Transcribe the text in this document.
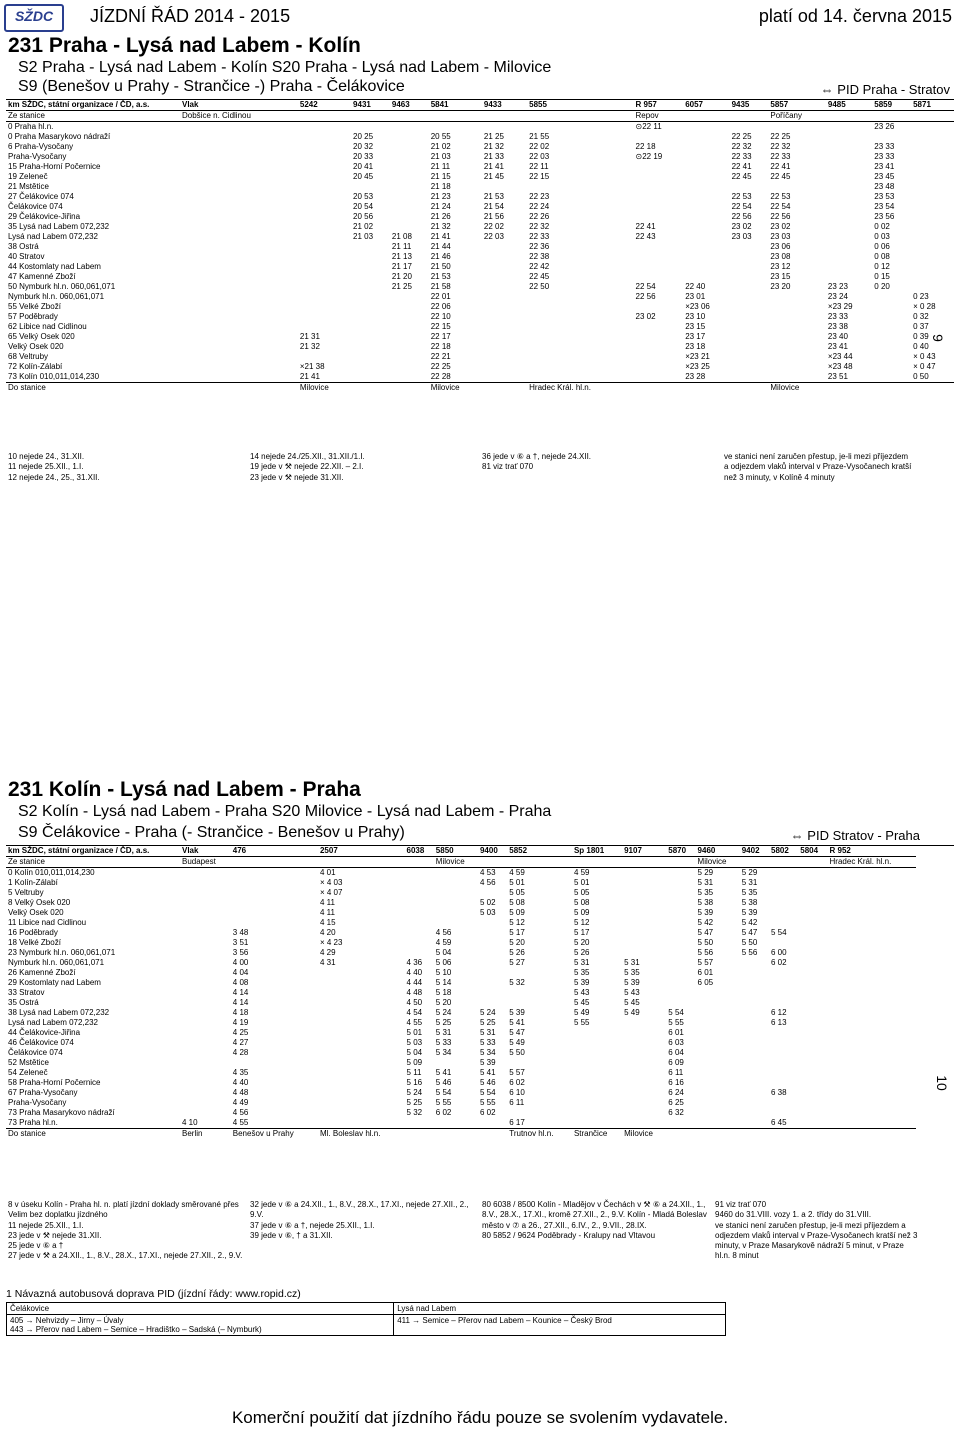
SŽDC	JÍZDNÍ ŘÁD 2014 - 2015	platí od 14. června 2015
231 Praha - Lysá nad Labem - Kolín
S2 Praha - Lysá nad Labem - Kolín S20 Praha - Lysá nad Labem - Milovice
S9 (Benešov u Prahy - Strančice -) Praha - Čelákovice	⇔ PID Praha - Stratov
km SŽDC, státní organizace / ČD, a.s.	Vlak	5242	9431	9463	5841	9433		5855	R 957	6057	9435	5857	9485	5859	5871
Ze stanice	Dobšice n. Cidlinou								Repov			Poříčany			
0 Praha hl.n.									⊙22 11					23 26	
0 Praha Masarykovo nádraží			20 25		20 55	21 25		21 55			22 25	22 25			
6 Praha-Vysočany			20 32		21 02	21 32		22 02	22 18		22 32	22 32		23 33	
Praha-Vysočany			20 33		21 03	21 33		22 03	⊙22 19		22 33	22 33		23 33	
15 Praha-Horní Počernice			20 41		21 11	21 41		22 11			22 41	22 41		23 41	
19 Zeleneč			20 45		21 15	21 45		22 15			22 45	22 45		23 45	
21 Mstětice					21 18									23 48	
27 Čelákovice 074			20 53		21 23	21 53		22 23			22 53	22 53		23 53	
Čelákovice 074			20 54		21 24	21 54		22 24			22 54	22 54		23 54	
29 Čelákovice-Jiřina			20 56		21 26	21 56		22 26			22 56	22 56		23 56	
35 Lysá nad Labem 072,232			21 02		21 32	22 02		22 32	22 41		23 02	23 02		0 02	
Lysá nad Labem 072,232			21 03	21 08	21 41	22 03		22 33	22 43		23 03	23 03		0 03	
38 Ostrá				21 11	21 44			22 36				23 06		0 06	
40 Stratov				21 13	21 46			22 38				23 08		0 08	
44 Kostomlaty nad Labem				21 17	21 50			22 42				23 12		0 12	
47 Kamenné Zboží				21 20	21 53			22 45				23 15		0 15	
50 Nymburk hl.n. 060,061,071				21 25	21 58			22 50	22 54	22 40		23 20	23 23	0 20	
Nymburk hl.n. 060,061,071					22 01				22 56	23 01			23 24		0 23
55 Velké Zboží					22 06					×23 06			×23 29		× 0 28
57 Poděbrady					22 10				23 02	23 10			23 33		0 32
62 Libice nad Cidlinou					22 15					23 15			23 38		0 37
65 Velký Osek 020		21 31			22 17					23 17			23 40		0 39
Velký Osek 020		21 32			22 18					23 18			23 41		0 40
68 Veltruby					22 21					×23 21			×23 44		× 0 43
72 Kolín-Zálabí		×21 38			22 25					×23 25			×23 48		× 0 47
73 Kolín 010,011,014,230		21 41			22 28					23 28			23 51		0 50
Do stanice		Milovice			Milovice			Hradec Král. hl.n.				Milovice			
10 nejede 24., 31.XII.
11 nejede 25.XII., 1.I.
12 nejede 24., 25., 31.XII.
14 nejede 24./25.XII., 31.XII./1.I.
19 jede v ⚒ nejede 22.XII. – 2.I.
23 jede v ⚒ nejede 31.XII.
36 jede v ⑥ a †, nejede 24.XII.
81 viz trať 070
ve stanici není zaručen přestup, je-li mezi příjezdem a odjezdem vlaků interval v Praze-Vysočanech kratší než 3 minuty, v Kolíně 4 minuty
9
231 Kolín - Lysá nad Labem - Praha
S2 Kolín - Lysá nad Labem - Praha S20 Milovice - Lysá nad Labem - Praha
S9 Čelákovice - Praha (- Strančice - Benešov u Prahy)	⇔ PID Stratov - Praha
km SŽDC, státní organizace / ČD, a.s.	Vlak	476	2507	6038	5850	9400	5852	Sp 1801	9107	5870	9460	9402	5802	5804	R 952
Ze stanice	Budapest				Milovice						Milovice				Hradec Král. hl.n.
0 Kolín 010,011,014,230			4 01			4 53	4 59	4 59			5 29	5 29			
1 Kolín-Zálabí			× 4 03			4 56	5 01	5 01			5 31	5 31			
5 Veltruby			× 4 07				5 05	5 05			5 35	5 35			
8 Velký Osek 020			4 11			5 02	5 08	5 08			5 38	5 38			
Velký Osek 020			4 11			5 03	5 09	5 09			5 39	5 39			
11 Libice nad Cidlinou			4 15				5 12	5 12			5 42	5 42			
16 Poděbrady		3 48	4 20		4 56		5 17	5 17			5 47	5 47	5 54		
18 Velké Zboží		3 51	× 4 23		4 59		5 20	5 20			5 50	5 50			
23 Nymburk hl.n. 060,061,071		3 56	4 29		5 04		5 26	5 26			5 56	5 56	6 00		
Nymburk hl.n. 060,061,071		4 00	4 31	4 36	5 06		5 27	5 31	5 31		5 57		6 02		
26 Kamenné Zboží		4 04		4 40	5 10			5 35	5 35		6 01				
29 Kostomlaty nad Labem		4 08		4 44	5 14		5 32	5 39	5 39		6 05				
33 Stratov		4 14		4 48	5 18			5 43	5 43						
35 Ostrá		4 14		4 50	5 20			5 45	5 45						
38 Lysá nad Labem 072,232		4 18		4 54	5 24	5 24	5 39	5 49	5 49	5 54			6 12		
Lysá nad Labem 072,232		4 19		4 55	5 25	5 25	5 41	5 55		5 55			6 13		
44 Čelákovice-Jiřina		4 25		5 01	5 31	5 31	5 47			6 01					
46 Čelákovice 074		4 27		5 03	5 33	5 33	5 49			6 03					
Čelákovice 074		4 28		5 04	5 34	5 34	5 50			6 04					
52 Mstětice				5 09		5 39				6 09					
54 Zeleneč		4 35		5 11	5 41	5 41	5 57			6 11					
58 Praha-Horní Počernice		4 40		5 16	5 46	5 46	6 02			6 16					
67 Praha-Vysočany		4 48		5 24	5 54	5 54	6 10			6 24			6 38		
Praha-Vysočany		4 49		5 25	5 55	5 55	6 11			6 25					
73 Praha Masarykovo nádraží		4 56		5 32	6 02	6 02				6 32					
73 Praha hl.n.	4 10	4 55					6 17						6 45		
Do stanice	Berlin	Benešov u Prahy	Ml. Boleslav hl.n.				Trutnov hl.n.	Strančice	Milovice						
8 v úseku Kolín - Praha hl. n. platí jízdní doklady směrované přes Velim bez doplatku jízdného
11 nejede 25.XII., 1.I.
23 jede v ⚒ nejede 31.XII.
25 jede v ⑥ a †
27 jede v ⚒ a 24.XII., 1., 8.V., 28.X., 17.XI., nejede 27.XII., 2., 9.V.
32 jede v ⑥ a 24.XII., 1., 8.V., 28.X., 17.XI., nejede 27.XII., 2., 9.V.
37 jede v ⑥ a †, nejede 25.XII., 1.I.
39 jede v ⑥, † a 31.XII.
80 6038 / 8500 Kolín - Mladějov v Čechách v ⚒ ⑥ a 24.XII., 1., 8.V., 28.X., 17.XI., kromě 27.XII., 2., 9.V. Kolín - Mladá Boleslav město v ⑦ a 26., 27.XII., 6.IV., 2., 9.VII., 28.IX.
80 5852 / 9624 Poděbrady - Kralupy nad Vltavou
91 viz trať 070
9460 do 31.VIII. vozy 1. a 2. třídy do 31.VIII.
ve stanici není zaručen přestup, je-li mezi příjezdem a odjezdem vlaků interval v Praze-Vysočanech kratší než 3 minuty, v Praze Masarykově nádraží 5 minut, v Praze hl.n. 8 minut
10
1 Návazná autobusová doprava PID (jízdní řády: www.ropid.cz)
Čelákovice	Lysá nad Labem

405 → Nehvizdy – Jirny – Úvaly
443 → Přerov nad Labem – Semice – Hradištko – Sadská (– Nymburk)	411 → Semice – Přerov nad Labem – Kounice – Český Brod
Komerční použití dat jízdního řádu pouze se svolením vydavatele.
